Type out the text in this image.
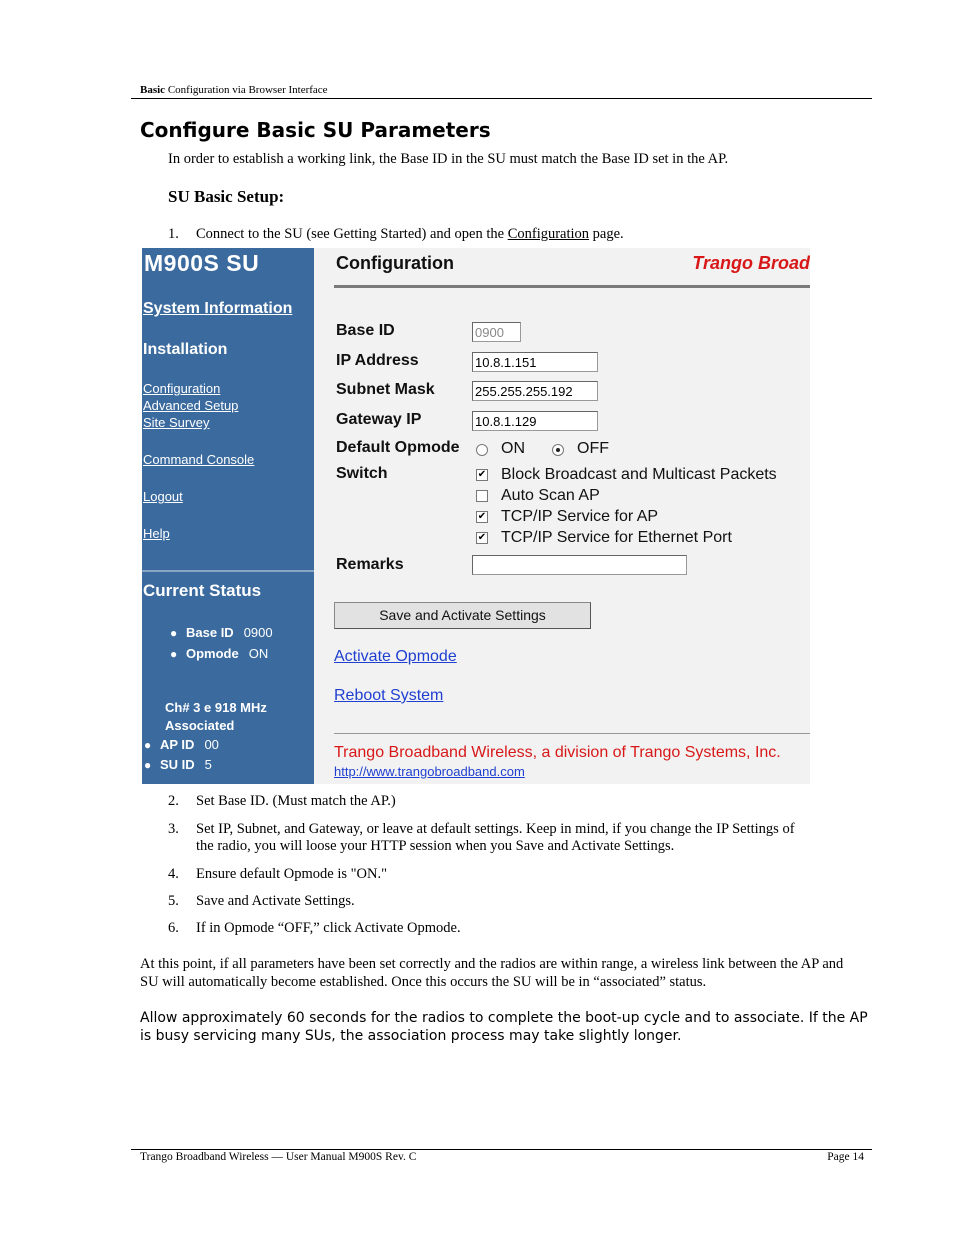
Basic Configuration via Browser Interface
Configure Basic SU Parameters
In order to establish a working link, the Base ID in the SU must match the Base ID set in the AP.
SU Basic Setup:
1. Connect to the SU (see Getting Started) and open the Configuration page.
M900S SU
System Information
Installation
Configuration
Advanced Setup
Site Survey
Command Console
Logout
Help
Current Status
● Base ID 0900
● Opmode ON
Ch# 3 e 918 MHz
Associated
● AP ID 00
● SU ID 5
Configuration	Trango Broad
Base ID	0900
IP Address	10.8.1.151
Subnet Mask	255.255.255.192
Gateway IP	10.8.1.129
Default Opmode	ON	OFF
Switch	✔ Block Broadcast and Multicast Packets
Auto Scan AP
✔ TCP/IP Service for AP
✔ TCP/IP Service for Ethernet Port
Remarks
Save and Activate Settings
Activate Opmode
Reboot System
Trango Broadband Wireless, a division of Trango Systems, Inc.
http://www.trangobroadband.com
2. Set Base ID. (Must match the AP.)
3. Set IP, Subnet, and Gateway, or leave at default settings. Keep in mind, if you change the IP Settings of
the radio, you will loose your HTTP session when you Save and Activate Settings.
4. Ensure default Opmode is "ON."
5. Save and Activate Settings.
6. If in Opmode “OFF,” click Activate Opmode.
At this point, if all parameters have been set correctly and the radios are within range, a wireless link between the AP and SU will automatically become established. Once this occurs the SU will be in “associated” status.
Allow approximately 60 seconds for the radios to complete the boot-up cycle and to associate. If the AP is busy servicing many SUs, the association process may take slightly longer.
Trango Broadband Wireless — User Manual M900S Rev. C	Page 14
